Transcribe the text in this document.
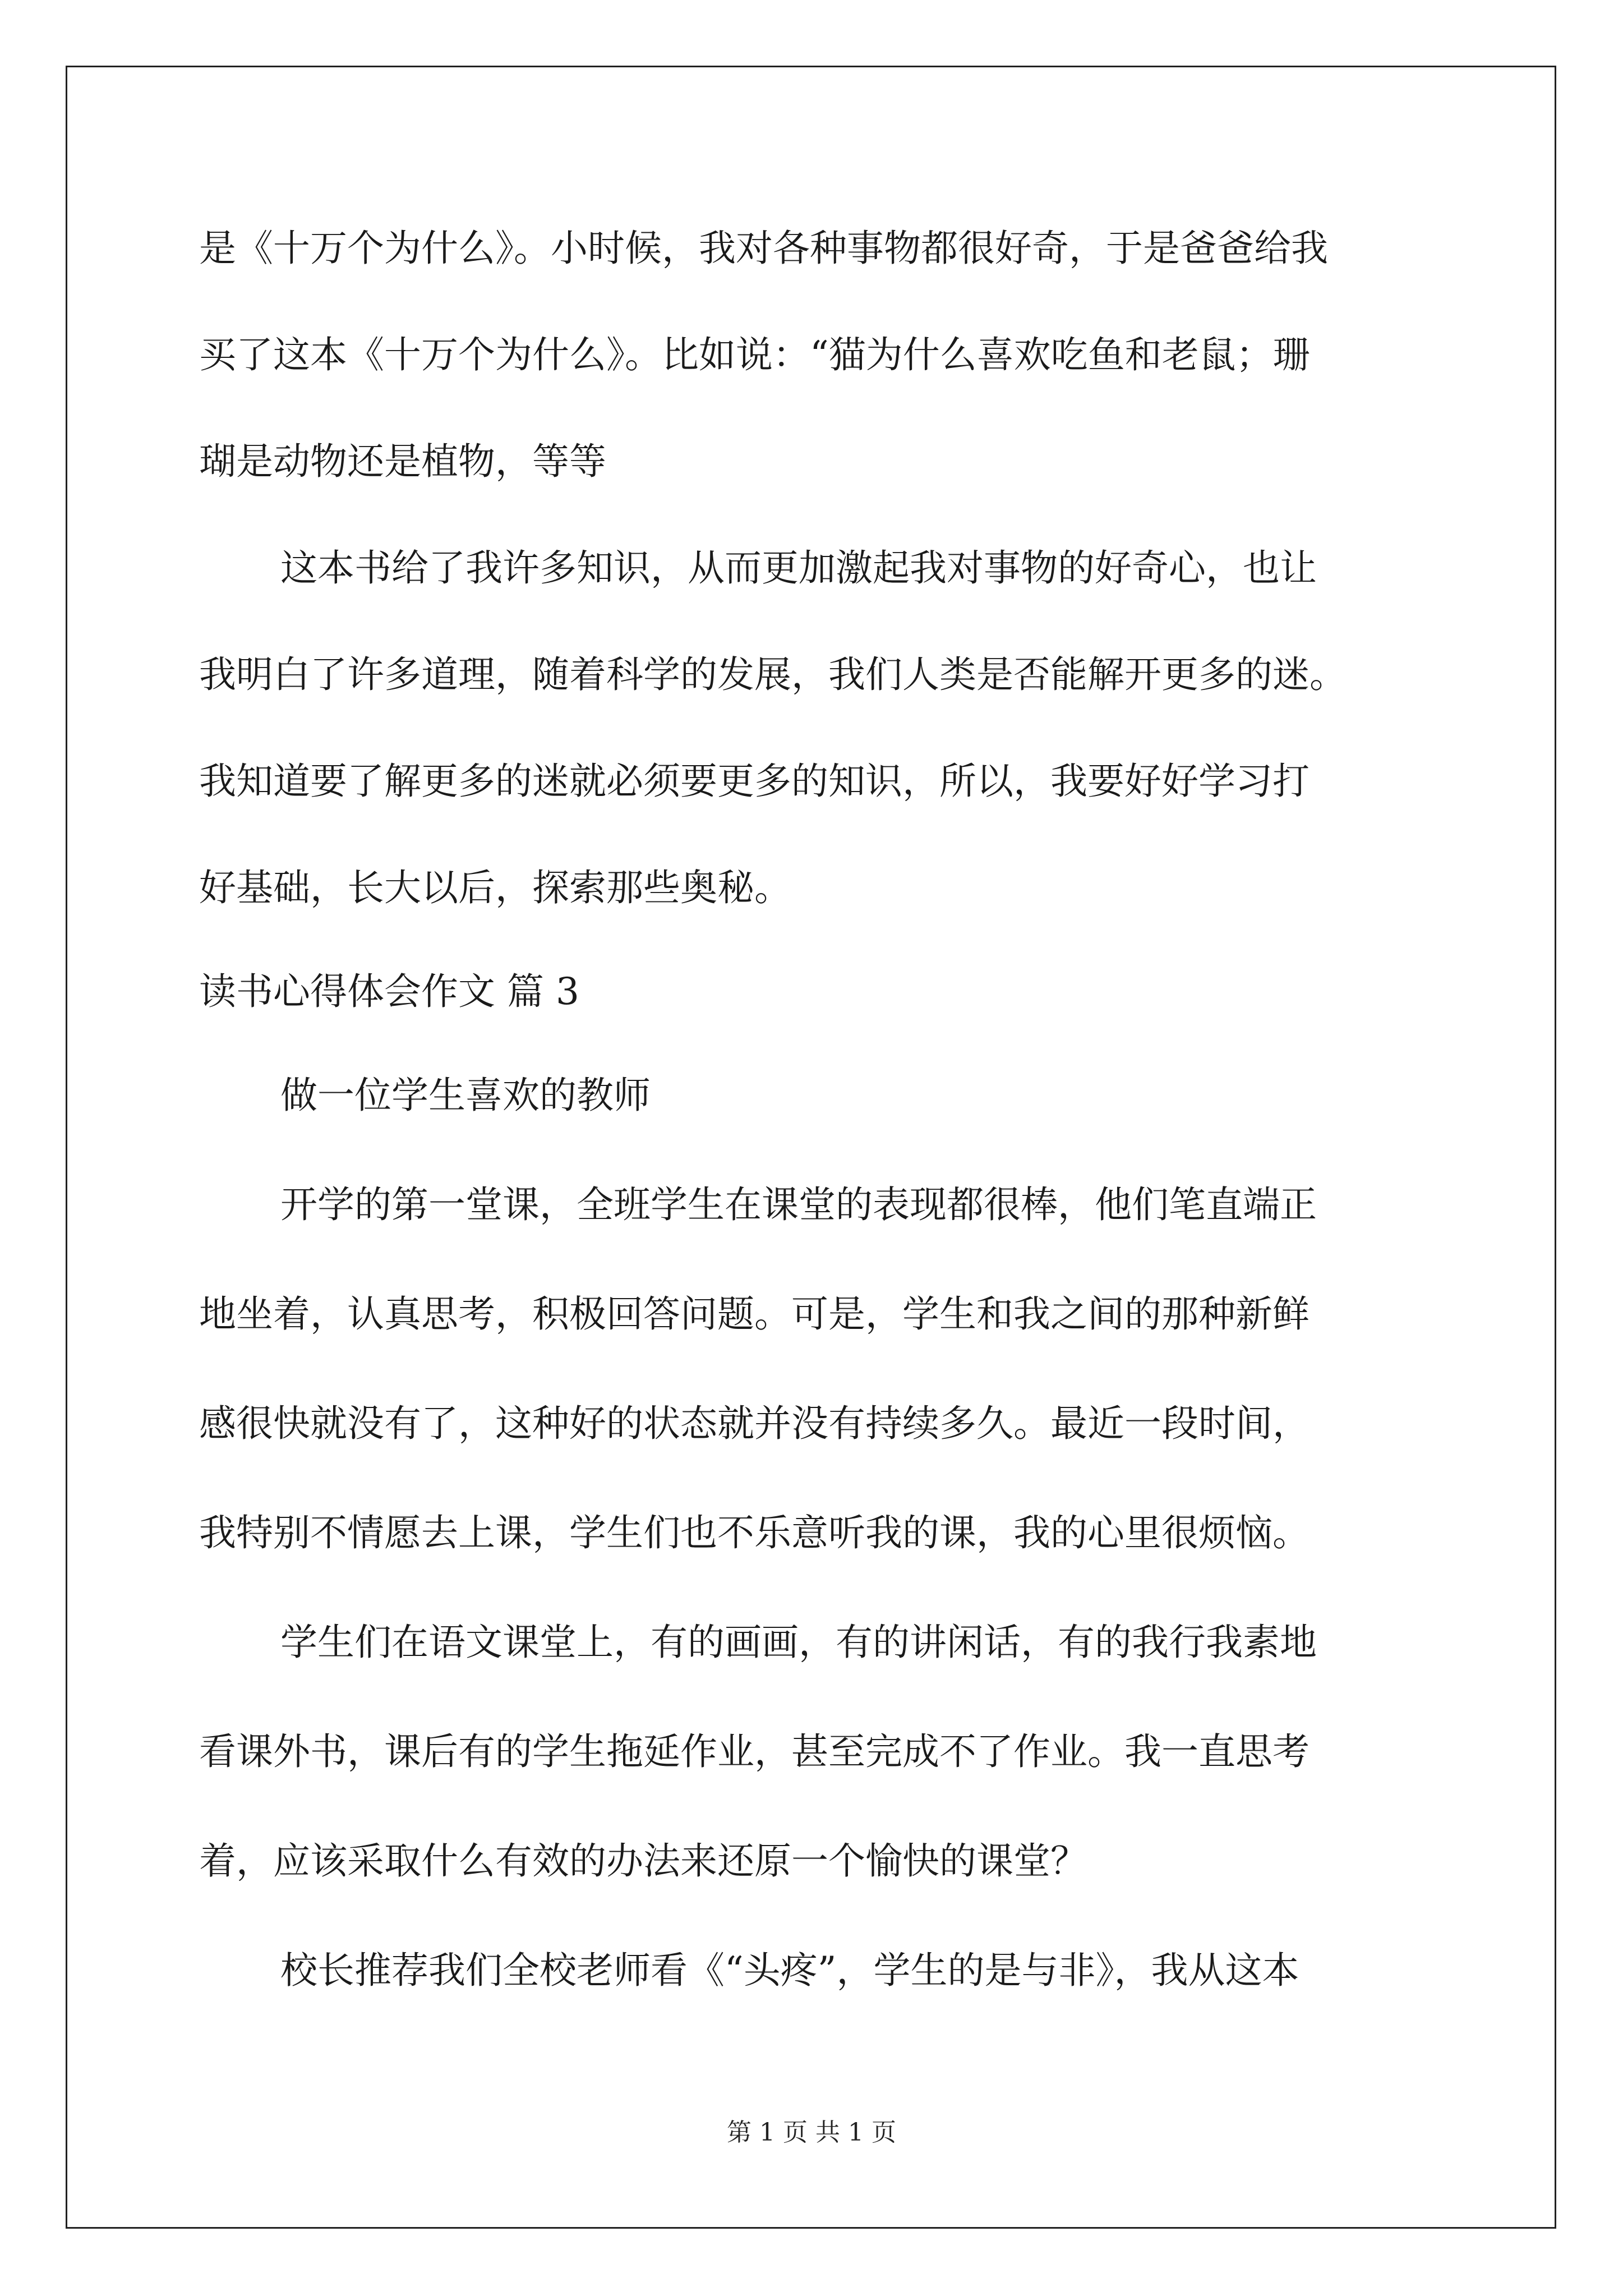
是《十万个为什么》。小时候，我对各种事物都很好奇，于是爸爸给我
买了这本《十万个为什么》。比如说：“猫为什么喜欢吃鱼和老鼠；珊
瑚是动物还是植物，等等
这本书给了我许多知识，从而更加激起我对事物的好奇心，也让
我明白了许多道理，随着科学的发展，我们人类是否能解开更多的迷。
我知道要了解更多的迷就必须要更多的知识，所以，我要好好学习打
好基础，长大以后，探索那些奥秘。
读书心得体会作文 篇 3
做一位学生喜欢的教师
开学的第一堂课，全班学生在课堂的表现都很棒，他们笔直端正
地坐着，认真思考，积极回答问题。可是，学生和我之间的那种新鲜
感很快就没有了，这种好的状态就并没有持续多久。最近一段时间，
我特别不情愿去上课，学生们也不乐意听我的课，我的心里很烦恼。
学生们在语文课堂上，有的画画，有的讲闲话，有的我行我素地
看课外书，课后有的学生拖延作业，甚至完成不了作业。我一直思考
着，应该采取什么有效的办法来还原一个愉快的课堂？
校长推荐我们全校老师看《“头疼”，学生的是与非》，我从这本
第 1 页 共 1 页
